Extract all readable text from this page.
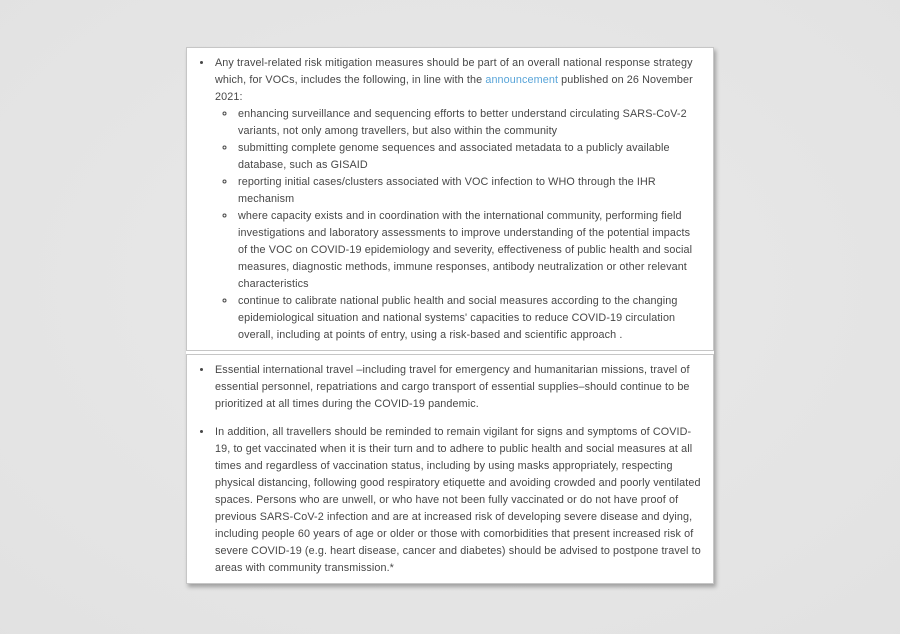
• Any travel-related risk mitigation measures should be part of an overall national response strategy which, for VOCs, includes the following, in line with the announcement published on 26 November 2021:
◦ enhancing surveillance and sequencing efforts to better understand circulating SARS-CoV-2 variants, not only among travellers, but also within the community
◦ submitting complete genome sequences and associated metadata to a publicly available database, such as GISAID
◦ reporting initial cases/clusters associated with VOC infection to WHO through the IHR mechanism
◦ where capacity exists and in coordination with the international community, performing field investigations and laboratory assessments to improve understanding of the potential impacts of the VOC on COVID-19 epidemiology and severity, effectiveness of public health and social measures, diagnostic methods, immune responses, antibody neutralization or other relevant characteristics
◦ continue to calibrate national public health and social measures according to the changing epidemiological situation and national systems' capacities to reduce COVID-19 circulation overall, including at points of entry, using a risk-based and scientific approach .
• Essential international travel –including travel for emergency and humanitarian missions, travel of essential personnel, repatriations and cargo transport of essential supplies–should continue to be prioritized at all times during the COVID-19 pandemic.
• In addition, all travellers should be reminded to remain vigilant for signs and symptoms of COVID-19, to get vaccinated when it is their turn and to adhere to public health and social measures at all times and regardless of vaccination status, including by using masks appropriately, respecting physical distancing, following good respiratory etiquette and avoiding crowded and poorly ventilated spaces. Persons who are unwell, or who have not been fully vaccinated or do not have proof of previous SARS-CoV-2 infection and are at increased risk of developing severe disease and dying, including people 60 years of age or older or those with comorbidities that present increased risk of severe COVID-19 (e.g. heart disease, cancer and diabetes) should be advised to postpone travel to areas with community transmission.*
